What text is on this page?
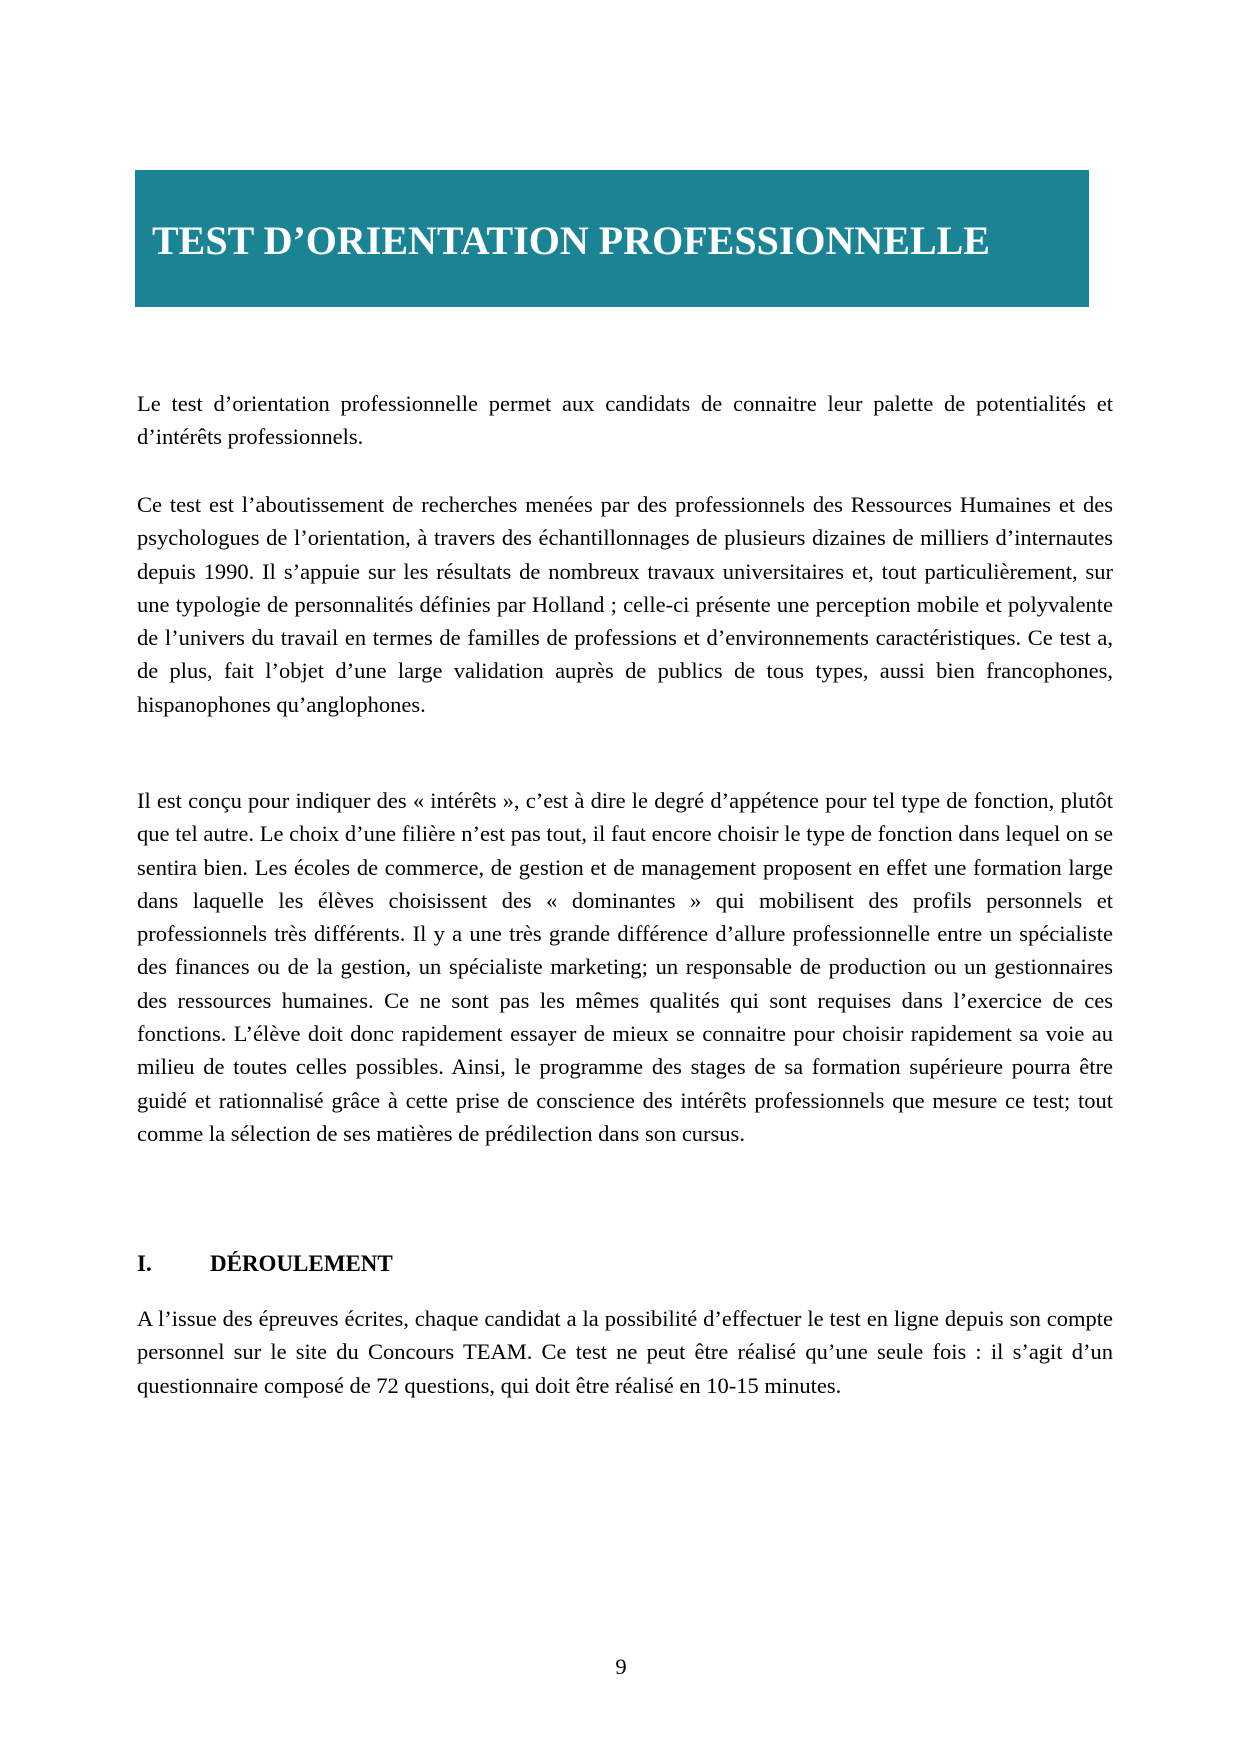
TEST D’ORIENTATION PROFESSIONNELLE

Le test d’orientation professionnelle permet aux candidats de connaitre leur palette de potentialités et d’intérêts professionnels.

Ce test est l’aboutissement de recherches menées par des professionnels des Ressources Humaines et des psychologues de l’orientation, à travers des échantillonnages de plusieurs dizaines de milliers d’internautes depuis 1990. Il s’appuie sur les résultats de nombreux travaux universitaires et, tout particulièrement, sur une typologie de personnalités définies par Holland ; celle-ci présente une perception mobile et polyvalente de l’univers du travail en termes de familles de professions et d’environnements caractéristiques. Ce test a, de plus, fait l’objet d’une large validation auprès de publics de tous types, aussi bien francophones, hispanophones qu’anglophones.

Il est conçu pour indiquer des « intérêts », c’est à dire le degré d’appétence pour tel type de fonction, plutôt que tel autre. Le choix d’une filière n’est pas tout, il faut encore choisir le type de fonction dans lequel on se sentira bien. Les écoles de commerce, de gestion et de management proposent en effet une formation large dans laquelle les élèves choisissent des « dominantes » qui mobilisent des profils personnels et professionnels très différents. Il y a une très grande différence d’allure professionnelle entre un spécialiste des finances ou de la gestion, un spécialiste marketing; un responsable de production ou un gestionnaires des ressources humaines. Ce ne sont pas les mêmes qualités qui sont requises dans l’exercice de ces fonctions. L’élève doit donc rapidement essayer de mieux se connaitre pour choisir rapidement sa voie au milieu de toutes celles possibles. Ainsi, le programme des stages de sa formation supérieure pourra être guidé et rationnalisé grâce à cette prise de conscience des intérêts professionnels que mesure ce test; tout comme la sélection de ses matières de prédilection dans son cursus.

I.	DÉROULEMENT

A l’issue des épreuves écrites, chaque candidat a la possibilité d’effectuer le test en ligne depuis son compte personnel sur le site du Concours TEAM. Ce test ne peut être réalisé qu’une seule fois : il s’agit d’un questionnaire composé de 72 questions, qui doit être réalisé en 10-15 minutes.

9
